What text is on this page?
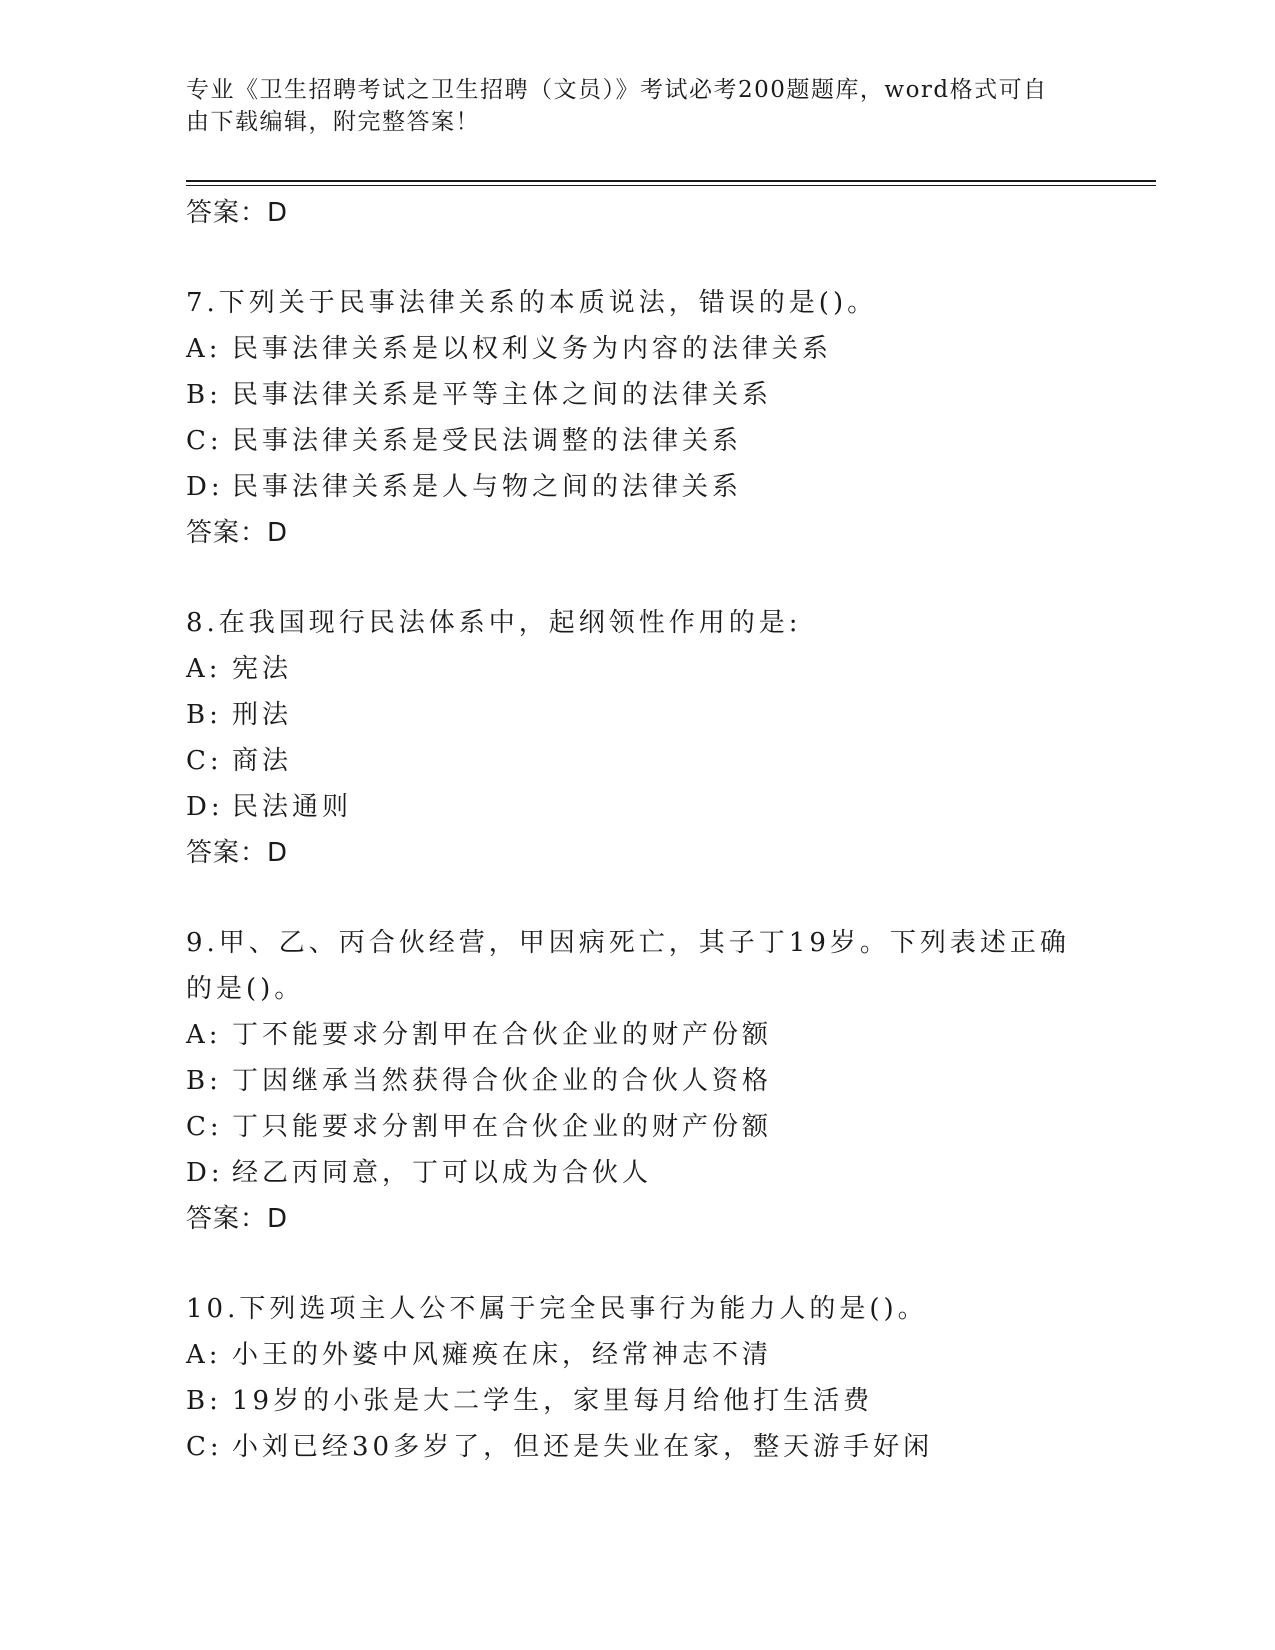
专业《卫生招聘考试之卫生招聘（文员）》考试必考200题题库，word格式可自
由下载编辑，附完整答案！
答案：D
7.下列关于民事法律关系的本质说法，错误的是()。
A: 民事法律关系是以权利义务为内容的法律关系
B: 民事法律关系是平等主体之间的法律关系
C: 民事法律关系是受民法调整的法律关系
D: 民事法律关系是人与物之间的法律关系
答案：D
8.在我国现行民法体系中，起纲领性作用的是:
A: 宪法
B: 刑法
C: 商法
D: 民法通则
答案：D
9.甲、乙、丙合伙经营，甲因病死亡，其子丁19岁。下列表述正确的是()。
A: 丁不能要求分割甲在合伙企业的财产份额
B: 丁因继承当然获得合伙企业的合伙人资格
C: 丁只能要求分割甲在合伙企业的财产份额
D: 经乙丙同意，丁可以成为合伙人
答案：D
10.下列选项主人公不属于完全民事行为能力人的是()。
A: 小王的外婆中风瘫痪在床，经常神志不清
B: 19岁的小张是大二学生，家里每月给他打生活费
C: 小刘已经30多岁了，但还是失业在家，整天游手好闲
